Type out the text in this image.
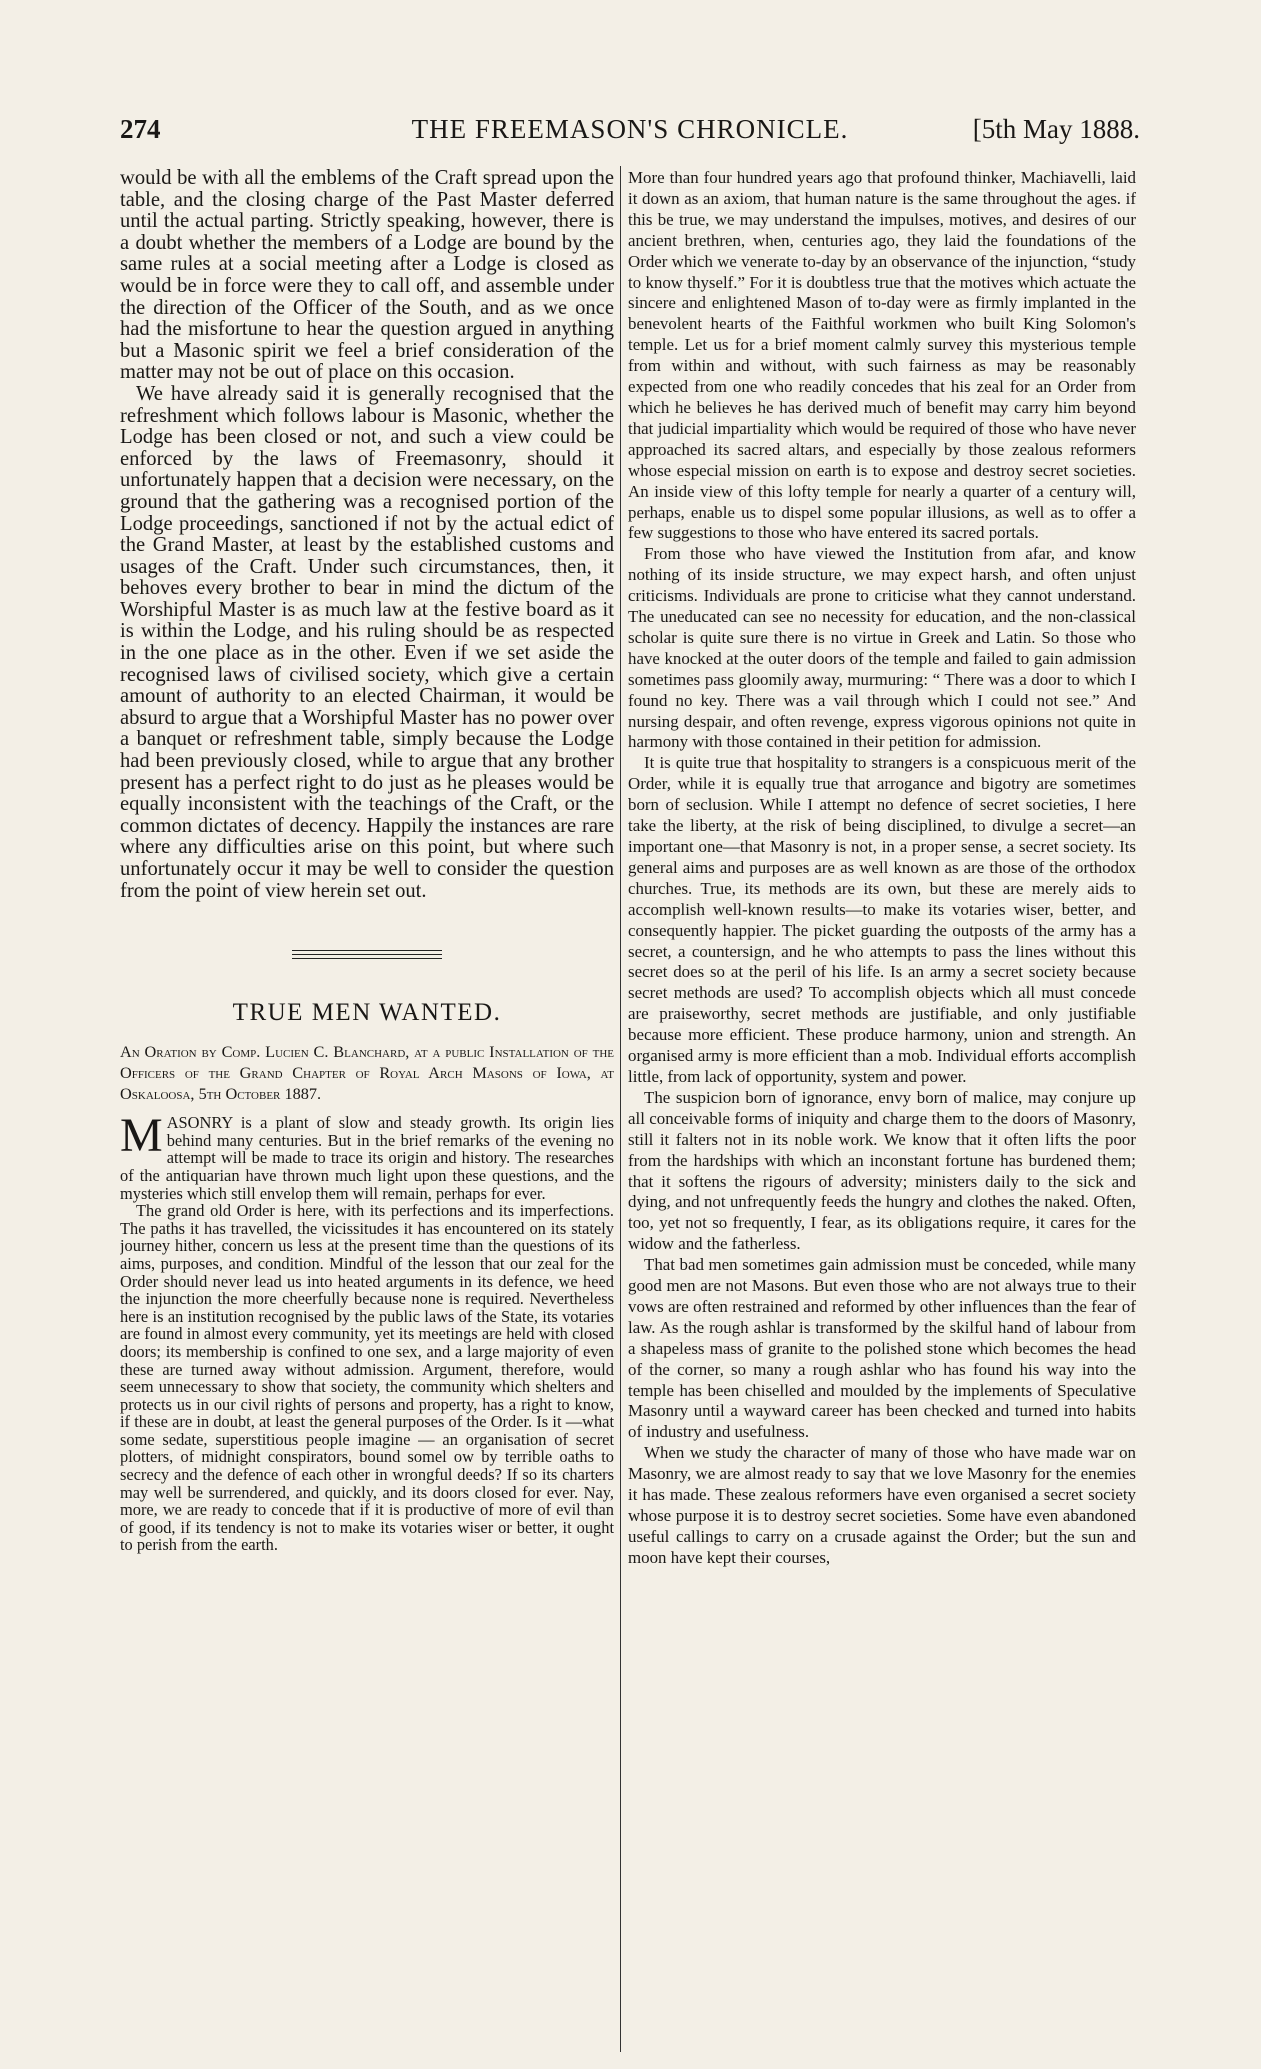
274	THE FREEMASON'S CHRONICLE.	[5th May 1888.

would be with all the emblems of the Craft spread upon the table, and the closing charge of the Past Master deferred until the actual parting. Strictly speaking, however, there is a doubt whether the members of a Lodge are bound by the same rules at a social meeting after a Lodge is closed as would be in force were they to call off, and assemble under the direction of the Officer of the South, and as we once had the misfortune to hear the question argued in anything but a Masonic spirit we feel a brief consideration of the matter may not be out of place on this occasion.

We have already said it is generally recognised that the refreshment which follows labour is Masonic, whether the Lodge has been closed or not, and such a view could be enforced by the laws of Freemasonry, should it unfortunately happen that a decision were necessary, on the ground that the gathering was a recognised portion of the Lodge proceedings, sanctioned if not by the actual edict of the Grand Master, at least by the established customs and usages of the Craft. Under such circumstances, then, it behoves every brother to bear in mind the dictum of the Worshipful Master is as much law at the festive board as it is within the Lodge, and his ruling should be as respected in the one place as in the other. Even if we set aside the recognised laws of civilised society, which give a certain amount of authority to an elected Chairman, it would be absurd to argue that a Worshipful Master has no power over a banquet or refreshment table, simply because the Lodge had been previously closed, while to argue that any brother present has a perfect right to do just as he pleases would be equally inconsistent with the teachings of the Craft, or the common dictates of decency. Happily the instances are rare where any difficulties arise on this point, but where such unfortunately occur it may be well to consider the question from the point of view herein set out.

TRUE MEN WANTED.
An Oration by Comp. Lucien C. Blanchard, at a public Installation of the Officers of the Grand Chapter of Royal Arch Masons of Iowa, at Oskaloosa, 5th October 1887.

MASONRY is a plant of slow and steady growth. Its origin lies behind many centuries. But in the brief remarks of the evening no attempt will be made to trace its origin and history. The researches of the antiquarian have thrown much light upon these questions, and the mysteries which still envelop them will remain, perhaps for ever.

The grand old Order is here, with its perfections and its imperfections. The paths it has travelled, the vicissitudes it has encountered on its stately journey hither, concern us less at the present time than the questions of its aims, purposes, and condition. Mindful of the lesson that our zeal for the Order should never lead us into heated arguments in its defence, we heed the injunction the more cheerfully because none is required. Nevertheless here is an institution recognised by the public laws of the State, its votaries are found in almost every community, yet its meetings are held with closed doors; its membership is confined to one sex, and a large majority of even these are turned away without admission. Argument, therefore, would seem unnecessary to show that society, the community which shelters and protects us in our civil rights of persons and property, has a right to know, if these are in doubt, at least the general purposes of the Order. Is it —what some sedate, superstitious people imagine — an organisation of secret plotters, of midnight conspirators, bound somel ow by terrible oaths to secrecy and the defence of each other in wrongful deeds? If so its charters may well be surrendered, and quickly, and its doors closed for ever. Nay, more, we are ready to concede that if it is productive of more of evil than of good, if its tendency is not to make its votaries wiser or better, it ought to perish from the earth.

More than four hundred years ago that profound thinker, Machiavelli, laid it down as an axiom, that human nature is the same throughout the ages. if this be true, we may understand the impulses, motives, and desires of our ancient brethren, when, centuries ago, they laid the foundations of the Order which we venerate to-day by an observance of the injunction, “study to know thyself.” For it is doubtless true that the motives which actuate the sincere and enlightened Mason of to-day were as firmly implanted in the benevolent hearts of the Faithful workmen who built King Solomon's temple. Let us for a brief moment calmly survey this mysterious temple from within and without, with such fairness as may be reasonably expected from one who readily concedes that his zeal for an Order from which he believes he has derived much of benefit may carry him beyond that judicial impartiality which would be required of those who have never approached its sacred altars, and especially by those zealous reformers whose especial mission on earth is to expose and destroy secret societies. An inside view of this lofty temple for nearly a quarter of a century will, perhaps, enable us to dispel some popular illusions, as well as to offer a few suggestions to those who have entered its sacred portals.

From those who have viewed the Institution from afar, and know nothing of its inside structure, we may expect harsh, and often unjust criticisms. Individuals are prone to criticise what they cannot understand. The uneducated can see no necessity for education, and the non-classical scholar is quite sure there is no virtue in Greek and Latin. So those who have knocked at the outer doors of the temple and failed to gain admission sometimes pass gloomily away, murmuring: “ There was a door to which I found no key. There was a vail through which I could not see.” And nursing despair, and often revenge, express vigorous opinions not quite in harmony with those contained in their petition for admission.

It is quite true that hospitality to strangers is a conspicuous merit of the Order, while it is equally true that arrogance and bigotry are sometimes born of seclusion. While I attempt no defence of secret societies, I here take the liberty, at the risk of being disciplined, to divulge a secret—an important one—that Masonry is not, in a proper sense, a secret society. Its general aims and purposes are as well known as are those of the orthodox churches. True, its methods are its own, but these are merely aids to accomplish well-known results—to make its votaries wiser, better, and consequently happier. The picket guarding the outposts of the army has a secret, a countersign, and he who attempts to pass the lines without this secret does so at the peril of his life. Is an army a secret society because secret methods are used? To accomplish objects which all must concede are praiseworthy, secret methods are justifiable, and only justifiable because more efficient. These produce harmony, union and strength. An organised army is more efficient than a mob. Individual efforts accomplish little, from lack of opportunity, system and power.

The suspicion born of ignorance, envy born of malice, may conjure up all conceivable forms of iniquity and charge them to the doors of Masonry, still it falters not in its noble work. We know that it often lifts the poor from the hardships with which an inconstant fortune has burdened them; that it softens the rigours of adversity; ministers daily to the sick and dying, and not unfrequently feeds the hungry and clothes the naked. Often, too, yet not so frequently, I fear, as its obligations require, it cares for the widow and the fatherless.

That bad men sometimes gain admission must be conceded, while many good men are not Masons. But even those who are not always true to their vows are often restrained and reformed by other influences than the fear of law. As the rough ashlar is transformed by the skilful hand of labour from a shapeless mass of granite to the polished stone which becomes the head of the corner, so many a rough ashlar who has found his way into the temple has been chiselled and moulded by the implements of Speculative Masonry until a wayward career has been checked and turned into habits of industry and usefulness.

When we study the character of many of those who have made war on Masonry, we are almost ready to say that we love Masonry for the enemies it has made. These zealous reformers have even organised a secret society whose purpose it is to destroy secret societies. Some have even abandoned useful callings to carry on a crusade against the Order; but the sun and moon have kept their courses,
